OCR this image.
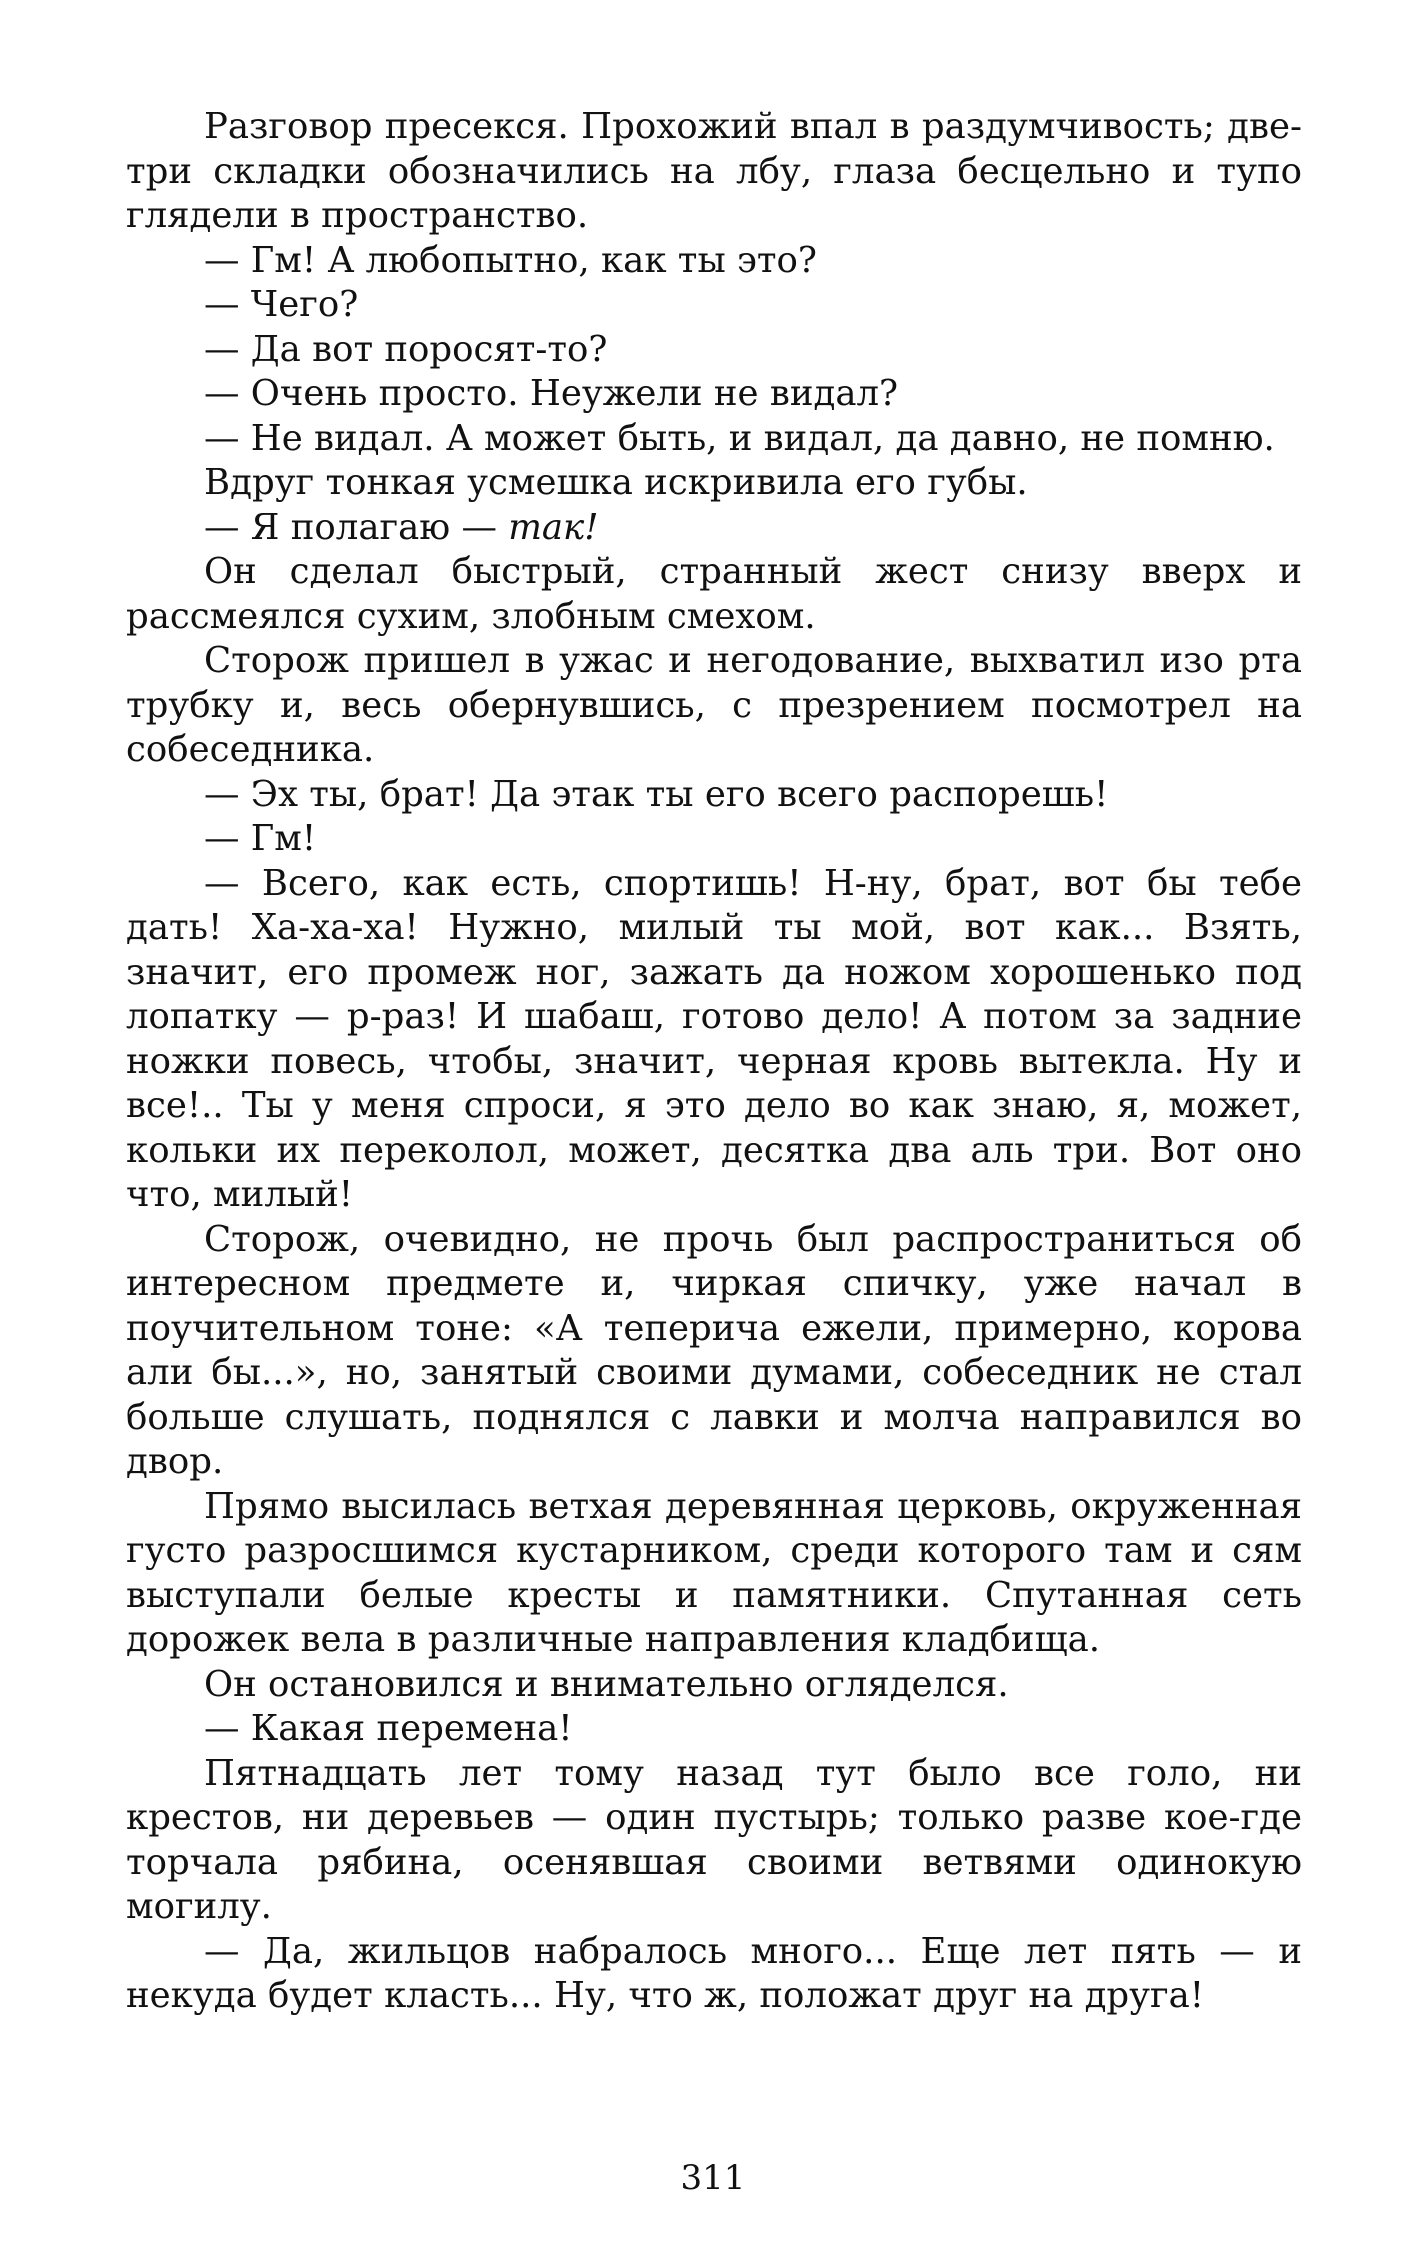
Разговор пресекся. Прохожий впал в раздумчивость; две-три складки обозначились на лбу, глаза бесцельно и тупо глядели в пространство.

— Гм! А любопытно, как ты это?

— Чего?

— Да вот поросят-то?

— Очень просто. Неужели не видал?

— Не видал. А может быть, и видал, да давно, не помню.

Вдруг тонкая усмешка искривила его губы.

— Я полагаю — так!

Он сделал быстрый, странный жест снизу вверх и рассмеялся сухим, злобным смехом.

Сторож пришел в ужас и негодование, выхватил изо рта трубку и, весь обернувшись, с презрением посмотрел на собеседника.

— Эх ты, брат! Да этак ты его всего распорешь!

— Гм!

— Всего, как есть, спортишь! Н-ну, брат, вот бы тебе дать! Ха-ха-ха! Нужно, милый ты мой, вот как... Взять, значит, его промеж ног, зажать да ножом хорошенько под лопатку — р-раз! И шабаш, готово дело! А потом за задние ножки повесь, чтобы, значит, черная кровь вытекла. Ну и все!.. Ты у меня спроси, я это дело во как знаю, я, может, кольки их переколол, может, десятка два аль три. Вот оно что, милый!

Сторож, очевидно, не прочь был распространиться об интересном предмете и, чиркая спичку, уже начал в поучительном тоне: «А теперича ежели, примерно, корова али бы...», но, занятый своими думами, собеседник не стал больше слушать, поднялся с лавки и молча направился во двор.

Прямо высилась ветхая деревянная церковь, окруженная густо разросшимся кустарником, среди которого там и сям выступали белые кресты и памятники. Спутанная сеть дорожек вела в различные направления кладбища.

Он остановился и внимательно огляделся.

— Какая перемена!

Пятнадцать лет тому назад тут было все голо, ни крестов, ни деревьев — один пустырь; только разве кое-где торчала рябина, осенявшая своими ветвями одинокую могилу.

— Да, жильцов набралось много... Еще лет пять — и некуда будет класть... Ну, что ж, положат друг на друга!

311
